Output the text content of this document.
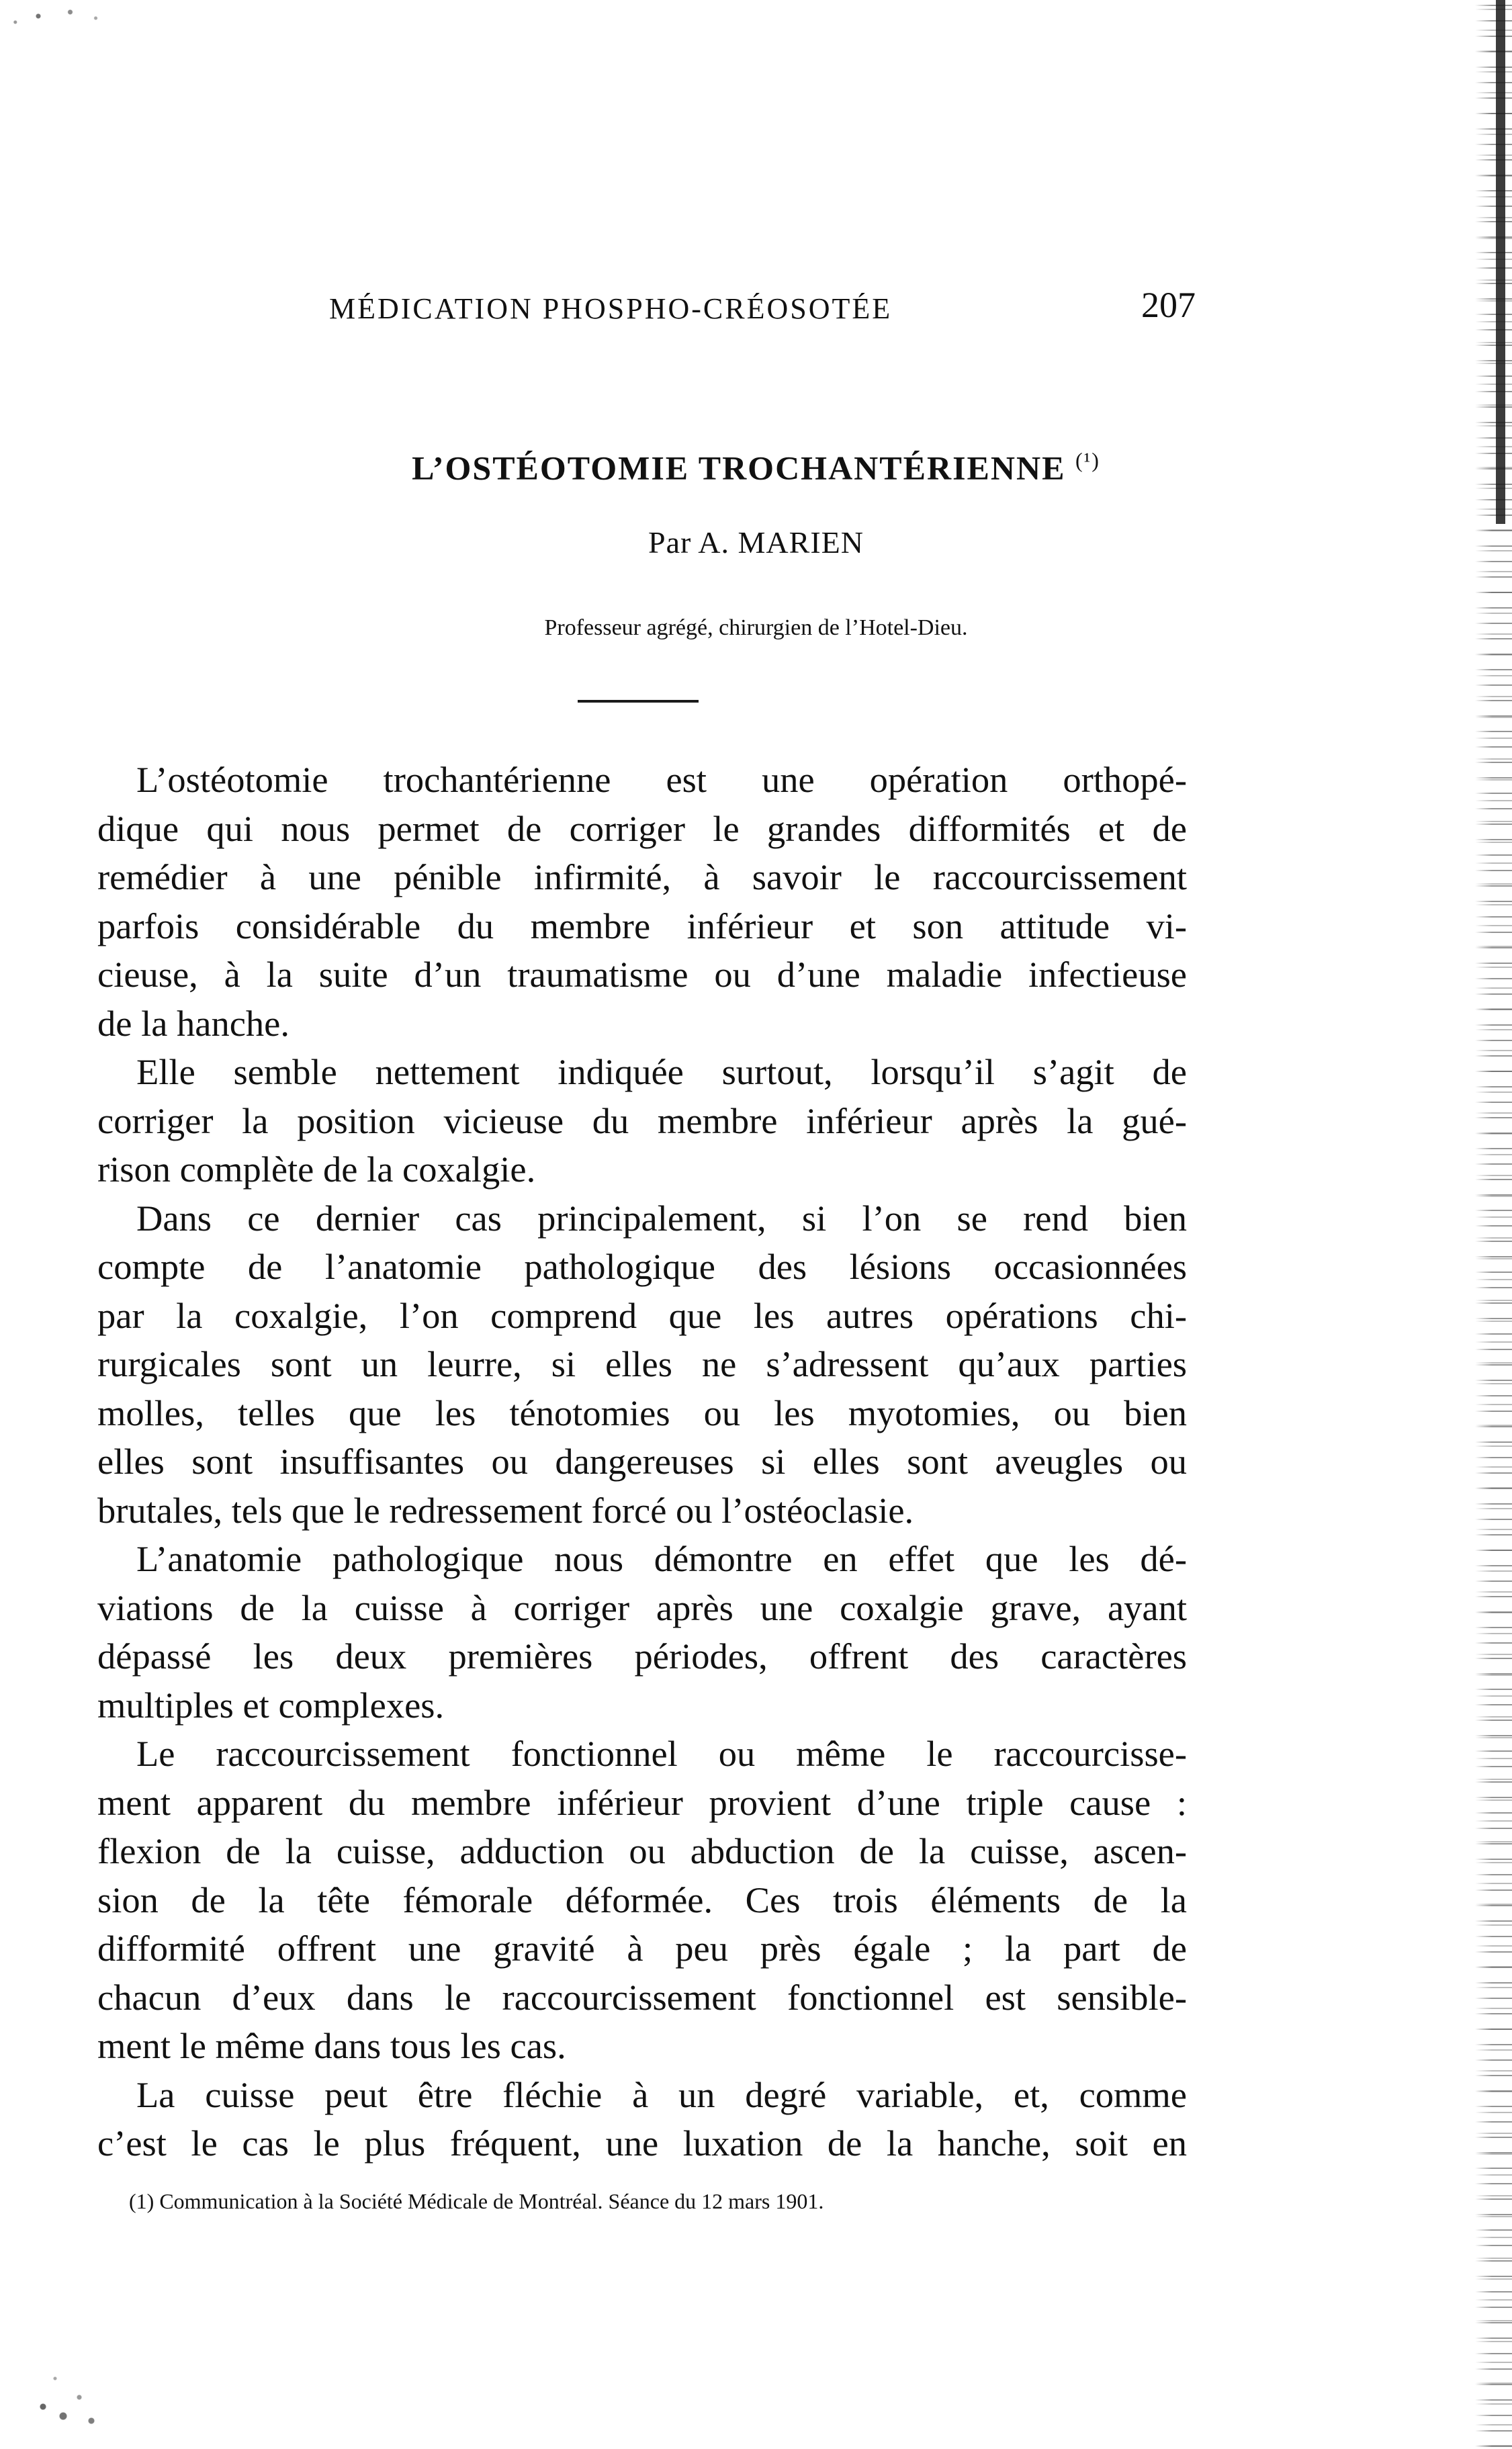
MÉDICATION PHOSPHO-CRÉOSOTÉE	207
L’OSTÉOTOMIE TROCHANTÉRIENNE $^{(^1)}$
Par A. MARIEN
Professeur agrégé, chirurgien de l’Hotel-Dieu.

L’ostéotomie trochantérienne est une opération orthopé-
dique qui nous permet de corriger le grandes difformités et de
remédier à une pénible infirmité, à savoir le raccourcissement
parfois considérable du membre inférieur et son attitude vi-
cieuse, à la suite d’un traumatisme ou d’une maladie infectieuse
de la hanche.

Elle semble nettement indiquée surtout, lorsqu’il s’agit de
corriger la position vicieuse du membre inférieur après la gué-
rison complète de la coxalgie.

Dans ce dernier cas principalement, si l’on se rend bien
compte de l’anatomie pathologique des lésions occasionnées
par la coxalgie, l’on comprend que les autres opérations chi-
rurgicales sont un leurre, si elles ne s’adressent qu’aux parties
molles, telles que les ténotomies ou les myotomies, ou bien
elles sont insuffisantes ou dangereuses si elles sont aveugles ou
brutales, tels que le redressement forcé ou l’ostéoclasie.

L’anatomie pathologique nous démontre en effet que les dé-
viations de la cuisse à corriger après une coxalgie grave, ayant
dépassé les deux premières périodes, offrent des caractères
multiples et complexes.

Le raccourcissement fonctionnel ou même le raccourcisse-
ment apparent du membre inférieur provient d’une triple cause :
flexion de la cuisse, adduction ou abduction de la cuisse, ascen-
sion de la tête fémorale déformée. Ces trois éléments de la
difformité offrent une gravité à peu près égale ; la part de
chacun d’eux dans le raccourcissement fonctionnel est sensible-
ment le même dans tous les cas.

La cuisse peut être fléchie à un degré variable, et, comme
c’est le cas le plus fréquent, une luxation de la hanche, soit en

(1) Communication à la Société Médicale de Montréal. Séance du 12 mars 1901.
